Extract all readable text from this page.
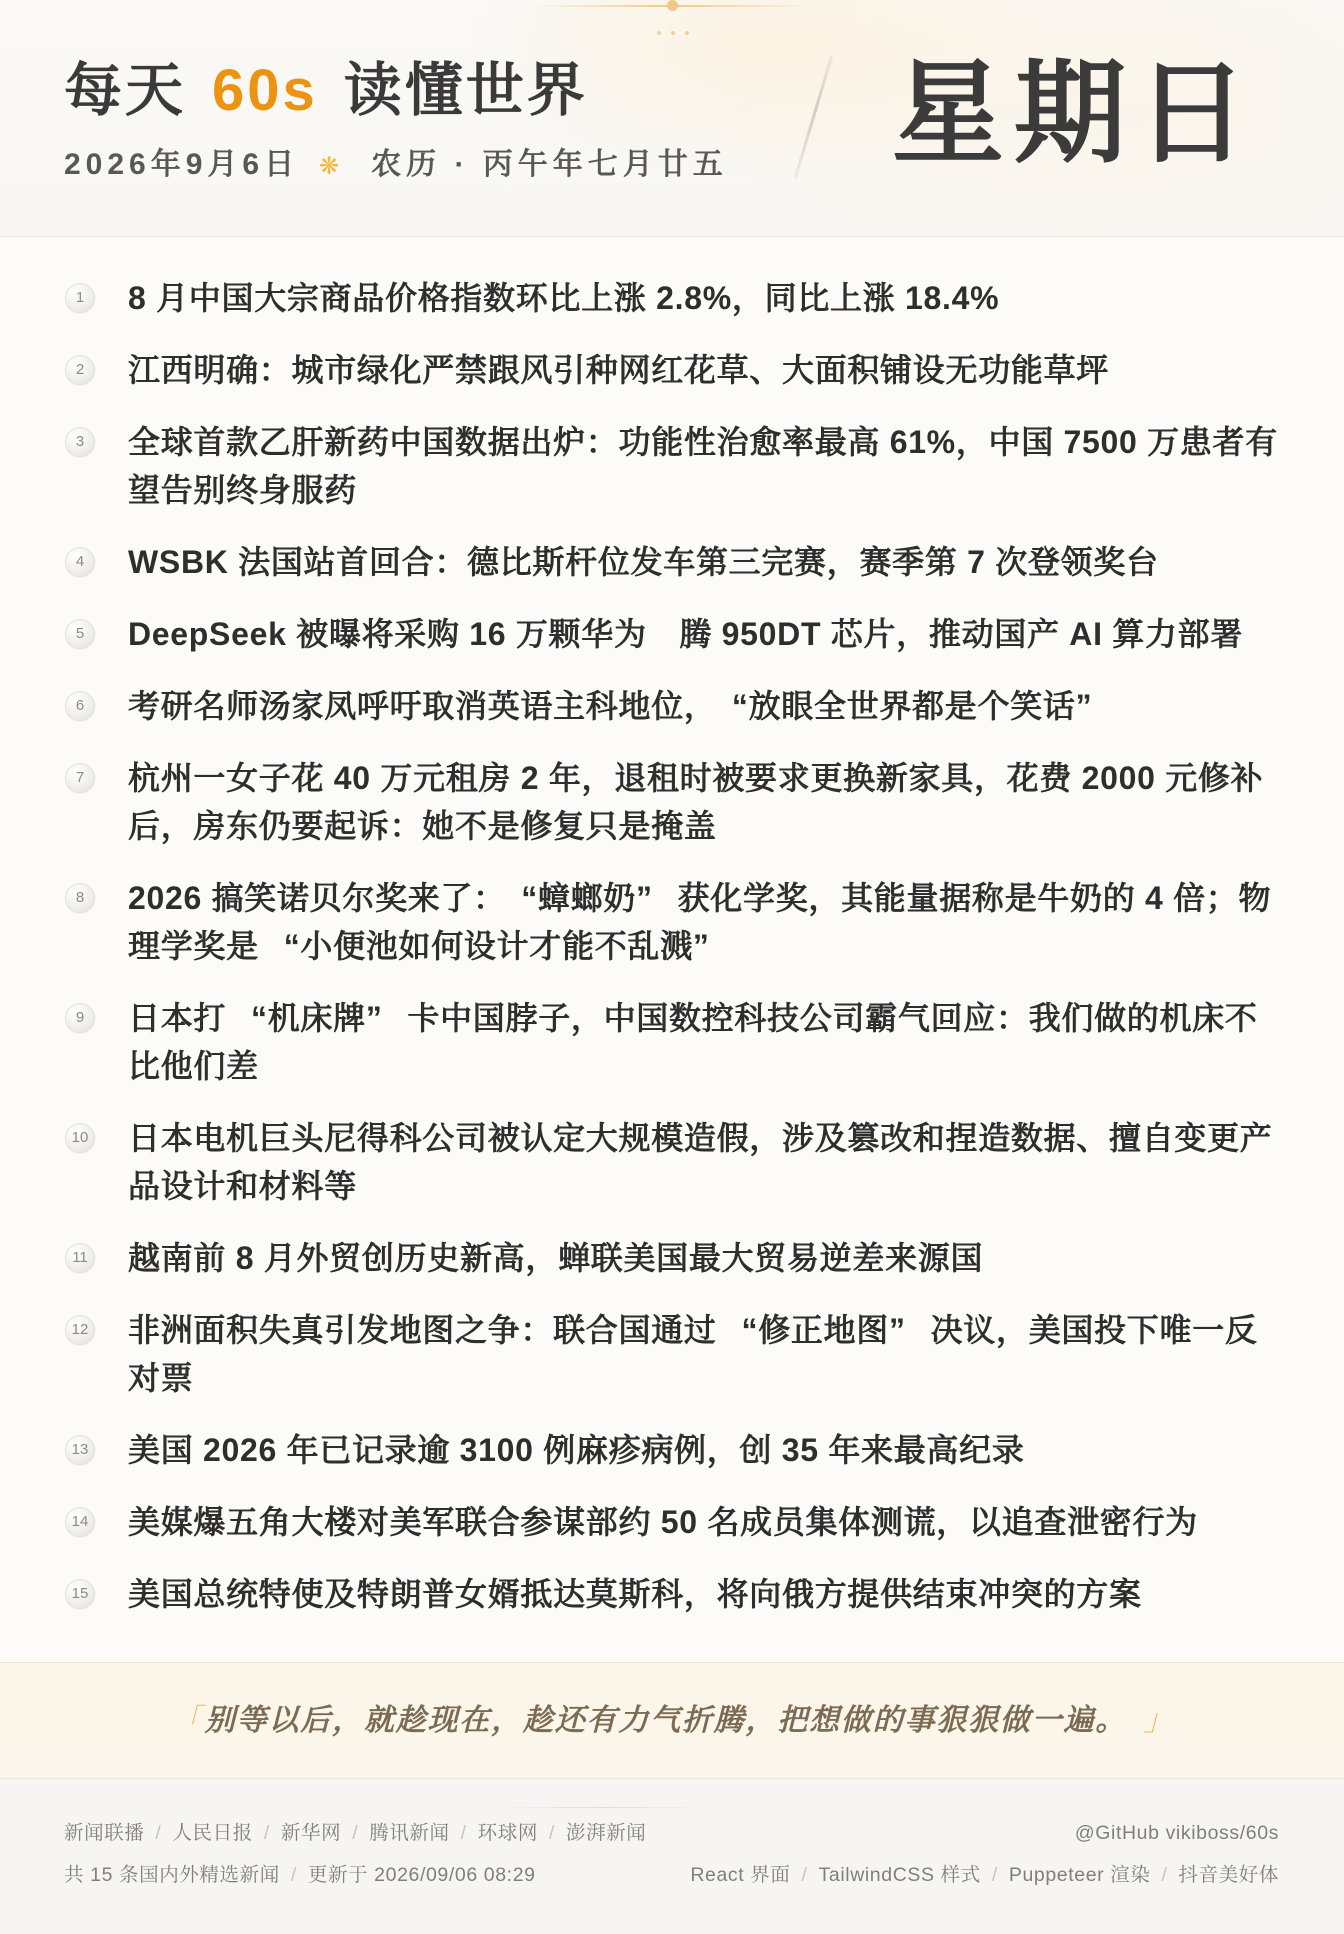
每天 60s 读懂世界
2026年9月6日 ❋ 农历 · 丙午年七月廿五 星期日
1	8 月中国大宗商品价格指数环比上涨 2.8%，同比上涨 18.4%

2	江西明确：城市绿化严禁跟风引种网红花草、大面积铺设无功能草坪

3	全球首款乙肝新药中国数据出炉：功能性治愈率最高 61%，中国 7500 万患者有望告别终身服药

4	WSBK 法国站首回合：德比斯杆位发车第三完赛，赛季第 7 次登领奖台

5	DeepSeek 被曝将采购 16 万颗华为　腾 950DT 芯片，推动国产 AI 算力部署

6	考研名师汤家凤呼吁取消英语主科地位， “放眼全世界都是个笑话”

7	杭州一女子花 40 万元租房 2 年，退租时被要求更换新家具，花费 2000 元修补后，房东仍要起诉：她不是修复只是掩盖

8	2026 搞笑诺贝尔奖来了： “蟑螂奶” 获化学奖，其能量据称是牛奶的 4 倍；物理学奖是 “小便池如何设计才能不乱溅”

9	日本打 “机床牌” 卡中国脖子，中国数控科技公司霸气回应：我们做的机床不比他们差

10 日本电机巨头尼得科公司被认定大规模造假，涉及篡改和捏造数据、擅自变更产品设计和材料等

11 越南前 8 月外贸创历史新高，蝉联美国最大贸易逆差来源国

12 非洲面积失真引发地图之争：联合国通过 “修正地图” 决议，美国投下唯一反对票

13 美国 2026 年已记录逾 3100 例麻疹病例，创 35 年来最高纪录

14 美媒爆五角大楼对美军联合参谋部约 50 名成员集体测谎，以追查泄密行为

15 美国总统特使及特朗普女婿抵达莫斯科，将向俄方提供结束冲突的方案

「
别等以后，就趁现在，趁还有力气折腾，把想做的事狠狠做一遍。
」

新闻联播	/ 人民日报	/ 新华网	/ 腾讯新闻	/ 环球网	/ 澎湃新闻	@GitHub vikiboss/60s
共 15 条国内外精选新闻	/ 更新于 2026/09/06 08:29	React 界面	/ TailwindCSS 样式	/ Puppeteer 渲染	/ 抖音美好体
